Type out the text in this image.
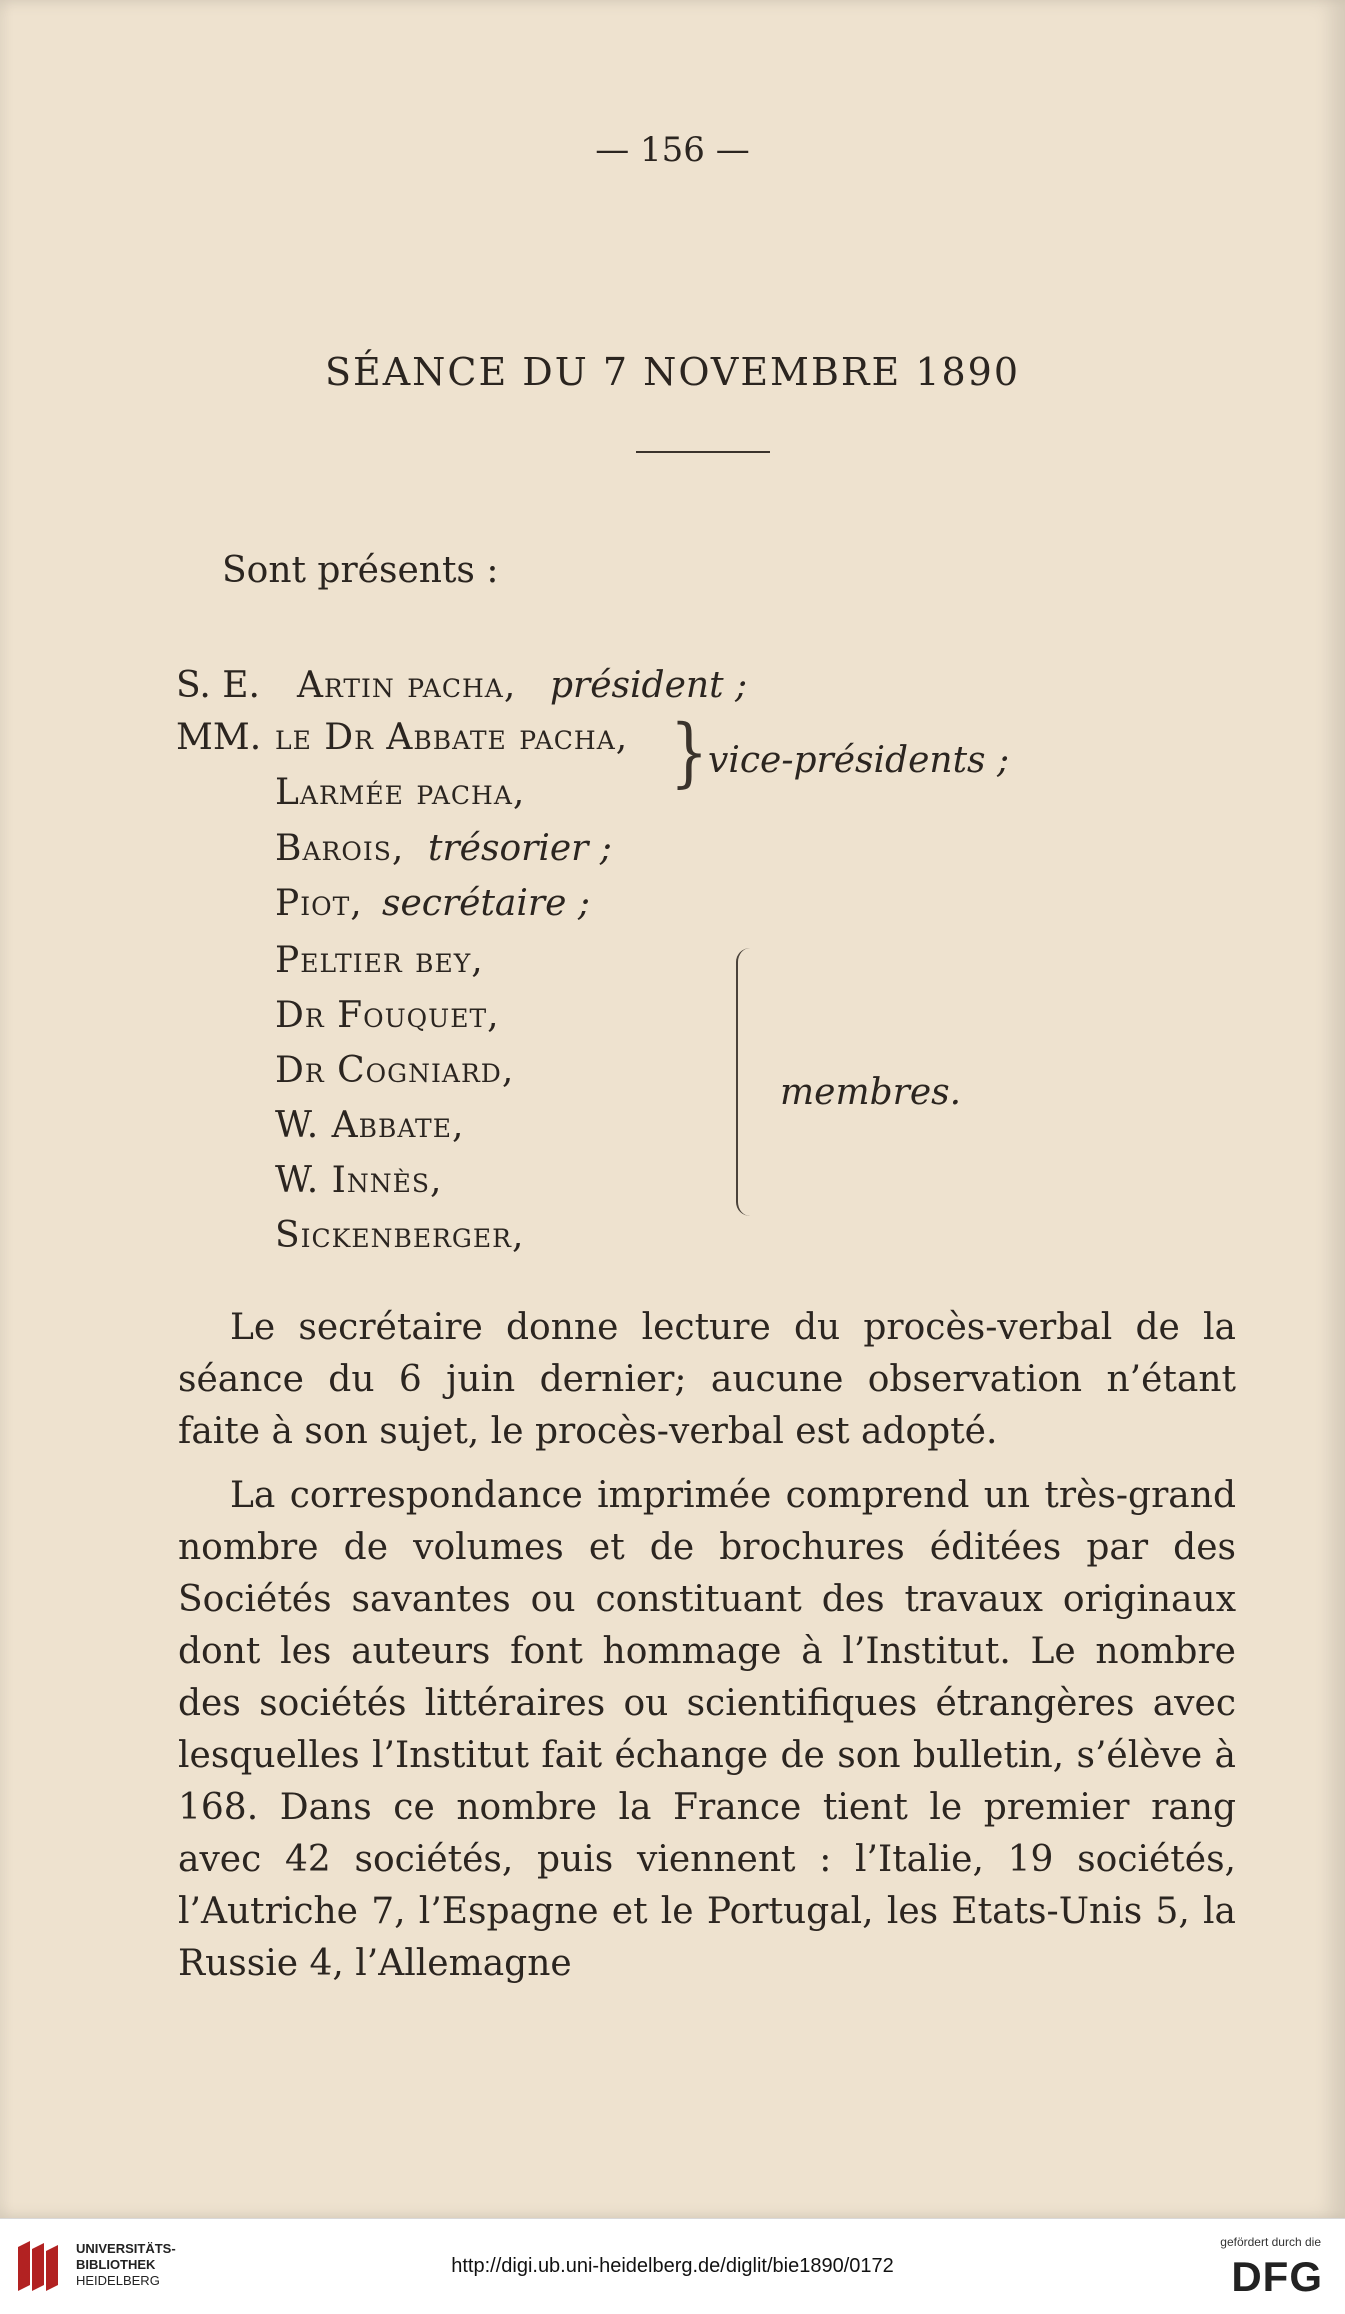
— 156 —
SÉANCE DU 7 NOVEMBRE 1890
Sont présents :
S. E. Artin pacha, président ;
MM. le Dr Abbate pacha,
Larmée pacha, } vice-présidents ;
Barois, trésorier ;
Piot, secrétaire ;
Peltier bey,
Dr Fouquet,
Dr Cogniard,
W. Abbate,
W. Innès,
Sickenberger,
membres.

Le secrétaire donne lecture du procès-verbal de la séance du 6 juin dernier; aucune observation n’étant faite à son sujet, le procès-verbal est adopté.

La correspondance imprimée comprend un très-grand nombre de volumes et de brochures éditées par des Sociétés savantes ou constituant des travaux originaux dont les auteurs font hommage à l’Institut. Le nombre des sociétés littéraires ou scientifiques étrangères avec lesquelles l’Institut fait échange de son bulletin, s’élève à 168. Dans ce nombre la France tient le premier rang avec 42 sociétés, puis viennent : l’Italie, 19 sociétés, l’Autriche 7, l’Espagne et le Portugal, les Etats-Unis 5, la Russie 4, l’Allemagne

UNIVERSITÄTS-
BIBLIOTHEK
HEIDELBERG
http://digi.ub.uni-heidelberg.de/diglit/bie1890/0172
gefördert durch die
DFG
